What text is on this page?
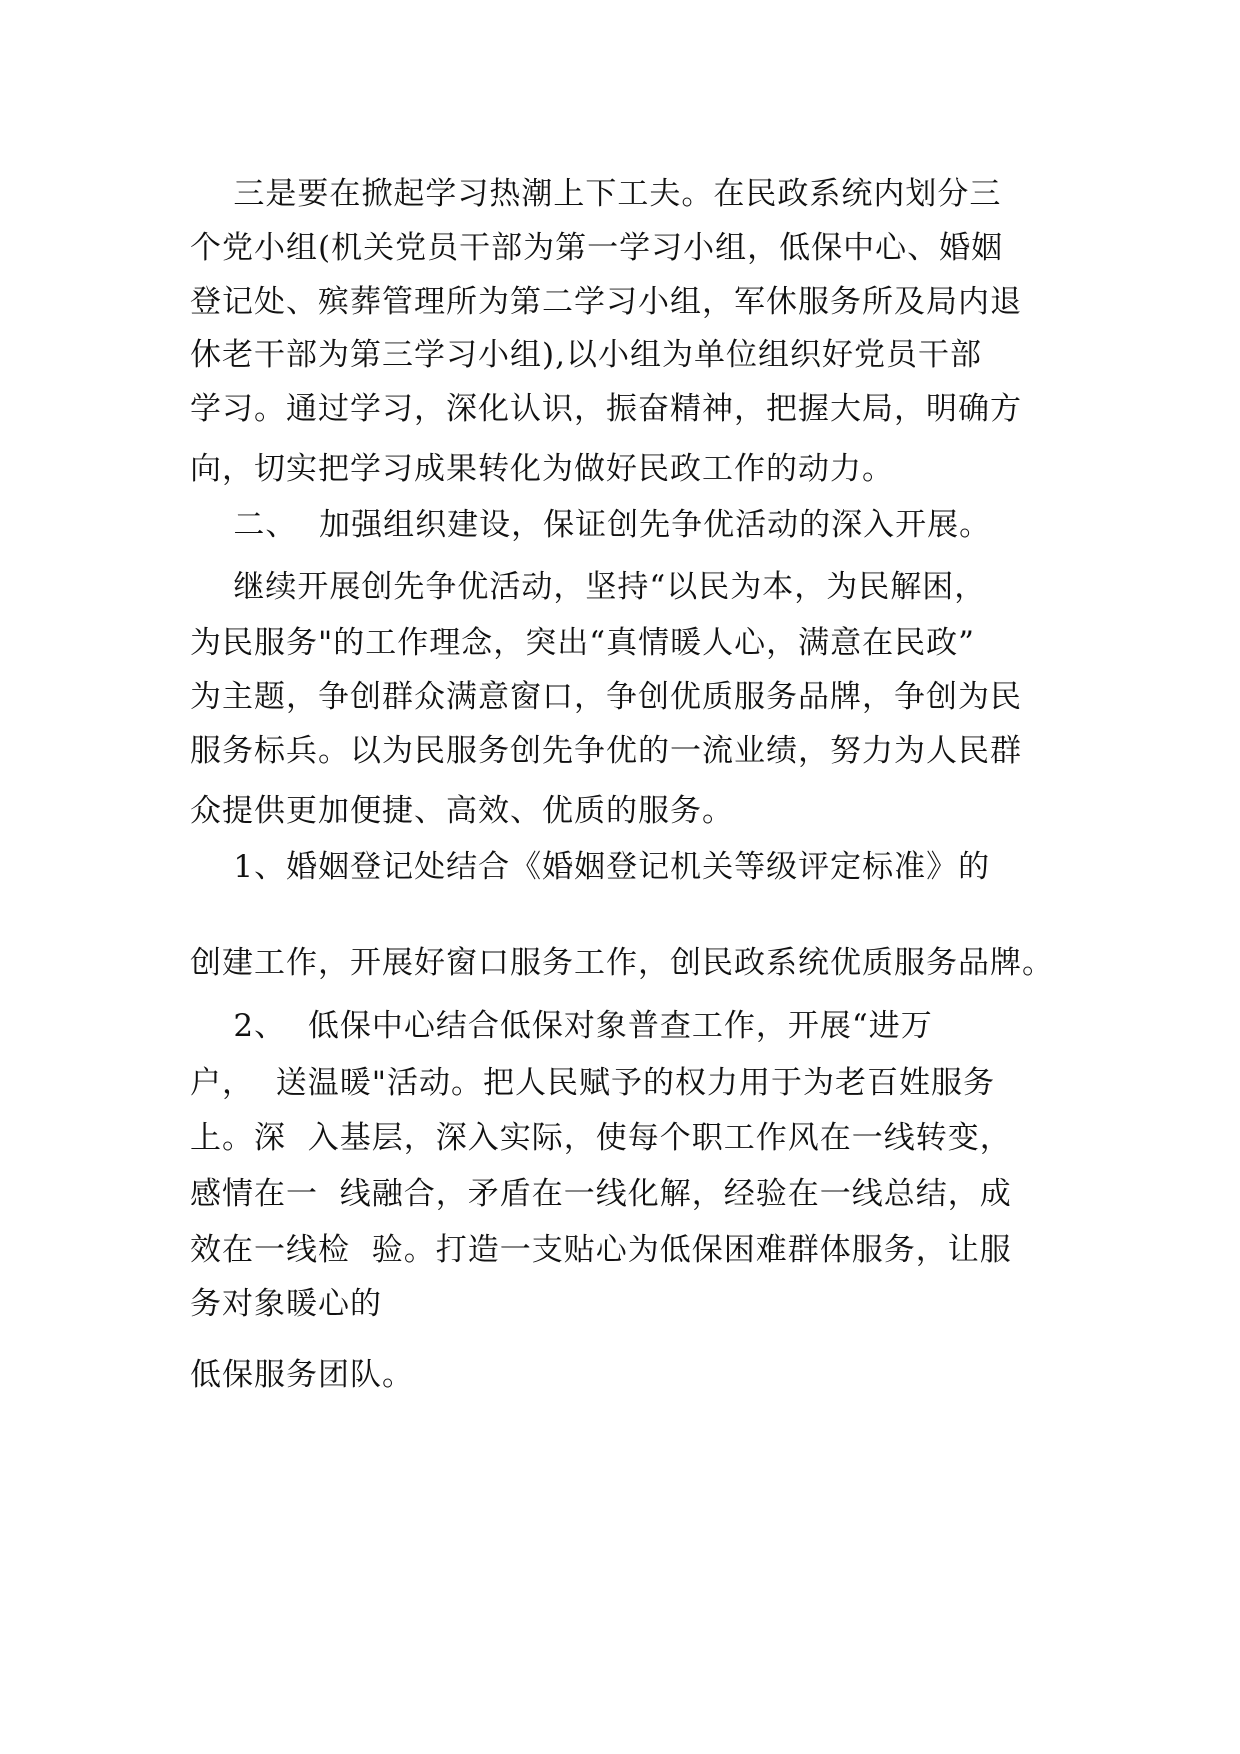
三是要在掀起学习热潮上下工夫。在民政系统内划分三
个党小组(机关党员干部为第一学习小组，低保中心、婚姻
登记处、殡葬管理所为第二学习小组，军休服务所及局内退
休老干部为第三学习小组),以小组为单位组织好党员干部
学习。通过学习，深化认识，振奋精神，把握大局，明确方
向，切实把学习成果转化为做好民政工作的动力。
二、  加强组织建设，保证创先争优活动的深入开展。
继续开展创先争优活动，坚持“以民为本，为民解困，
为民服务"的工作理念，突出“真情暖人心，满意在民政”
为主题，争创群众满意窗口，争创优质服务品牌，争创为民
服务标兵。以为民服务创先争优的一流业绩，努力为人民群
众提供更加便捷、高效、优质的服务。
1、婚姻登记处结合《婚姻登记机关等级评定标准》的
创建工作，开展好窗口服务工作，创民政系统优质服务品牌。
2、  低保中心结合低保对象普查工作，开展“进万
户，  送温暖"活动。把人民赋予的权力用于为老百姓服务
上。深  入基层，深入实际，使每个职工作风在一线转变，
感情在一  线融合，矛盾在一线化解，经验在一线总结，成
效在一线检  验。打造一支贴心为低保困难群体服务，让服
务对象暖心的
低保服务团队。
